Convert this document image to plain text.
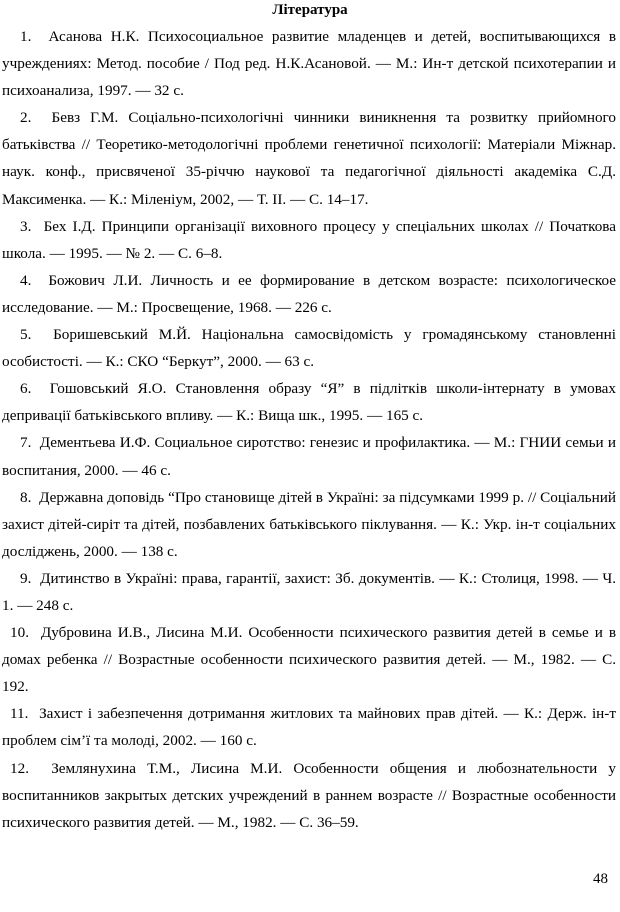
Література

1. Асанова Н.К. Психосоциальное развитие младенцев и детей, воспитывающихся в учреждениях: Метод. пособие / Под ред. Н.К.Асановой. — М.: Ин-т детской психотерапии и психоанализа, 1997. — 32 с.

2. Бевз Г.М. Соціально-психологічні чинники виникнення та розвитку прийомного батьківства // Теоретико-методологічні проблеми генетичної психології: Матеріали Міжнар. наук. конф., присвяченої 35-річчю наукової та педагогічної діяльності академіка С.Д. Максименка. — К.: Міленіум, 2002, — Т. II. — С. 14–17.

3. Бех І.Д. Принципи організації виховного процесу у спеціальних школах // Початкова школа. — 1995. — № 2. — С. 6–8.

4. Божович Л.И. Личность и ее формирование в детском возрасте: психологическое исследование. — М.: Просвещение, 1968. — 226 с.

5. Боришевський М.Й. Національна самосвідомість у громадянському становленні особистості. — К.: СКО “Беркут”, 2000. — 63 с.

6. Гошовський Я.О. Становлення образу “Я” в підлітків школи-інтернату в умовах депривації батьківського впливу. — К.: Вища шк., 1995. — 165 с.

7. Дементьева И.Ф. Социальное сиротство: генезис и профилактика. — М.: ГНИИ семьи и воспитания, 2000. — 46 с.

8. Державна доповідь “Про становище дітей в Україні: за підсумками 1999 р. // Соціальний захист дітей-сиріт та дітей, позбавлених батьківського піклування. — К.: Укр. ін-т соціальних досліджень, 2000. — 138 с.

9. Дитинство в Україні: права, гарантії, захист: Зб. документів. — К.: Столиця, 1998. — Ч. 1. — 248 с.

10. Дубровина И.В., Лисина М.И. Особенности психического развития детей в семье и в домах ребенка // Возрастные особенности психического развития детей. — М., 1982. — С. 192.

11. Захист і забезпечення дотримання житлових та майнових прав дітей. — К.: Держ. ін-т проблем сім’ї та молоді, 2002. — 160 с.

12. Землянухина Т.М., Лисина М.И. Особенности общения и любознательности у воспитанников закрытых детских учреждений в раннем возрасте // Возрастные особенности психического развития детей. — М., 1982. — С. 36–59.

48
